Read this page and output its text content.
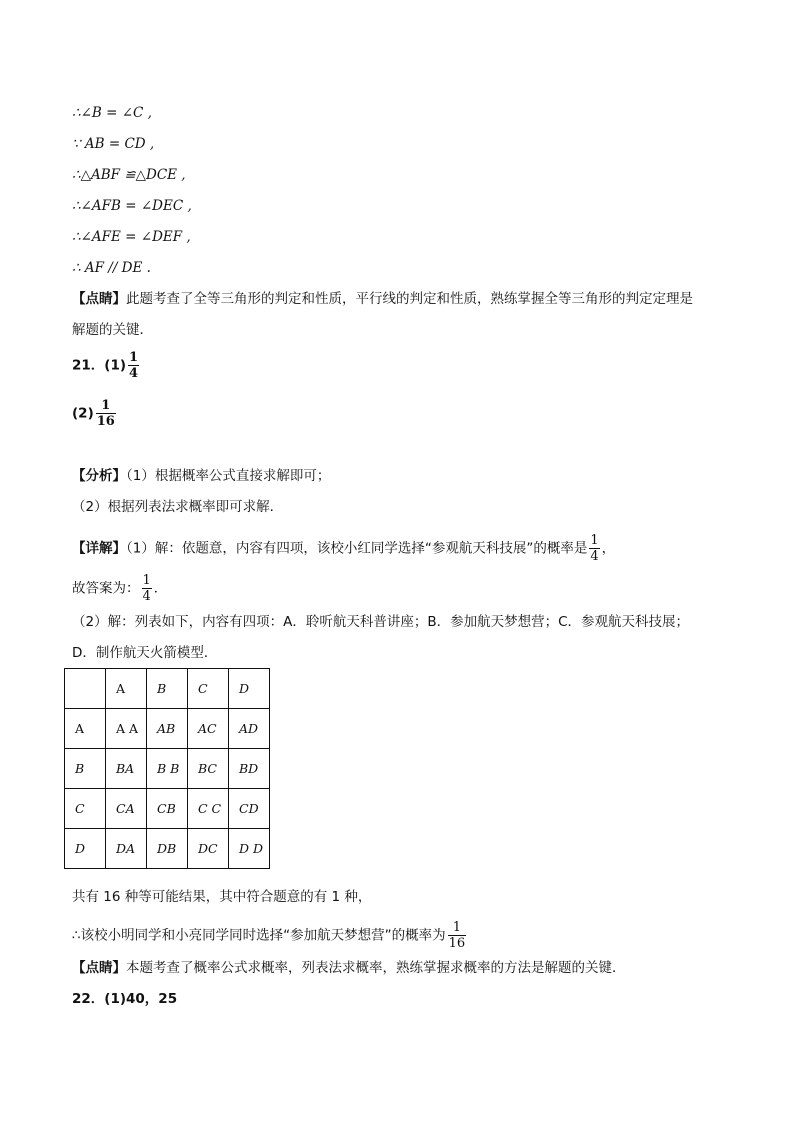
∴∠B = ∠C ,
∵ AB = CD ,
∴△ABF ≌△DCE ,
∴∠AFB = ∠DEC ,
∴∠AFE = ∠DEF ,
∴ AF // DE .
【点睛】此题考查了全等三角形的判定和性质，平行线的判定和性质，熟练掌握全等三角形的判定定理是
解题的关键．
21．$(1) \frac{1}{4}$
$(2) \frac{1}{16}$
【分析】（1）根据概率公式直接求解即可；
（2）根据列表法求概率即可求解．
【详解】（1）解：依题意，内容有四项，该校小红同学选择“参观航天科技展”的概率是 $\frac{1}{4}$ ，
故答案为： $\frac{1}{4}$ ．
（2）解：列表如下，内容有四项：A．聆听航天科普讲座；B．参加航天梦想营；C．参观航天科技展；
D．制作航天火箭模型．
	A	B	C	D
A	A A	AB	AC	AD
B	BA	B B	BC	BD
C	CA	CB	C C	CD
D	DA	DB	DC	D D
共有 16 种等可能结果，其中符合题意的有 1 种，
∴该校小明同学和小亮同学同时选择“参加航天梦想营”的概率为 $\frac{1}{16}$
【点睛】本题考查了概率公式求概率，列表法求概率，熟练掌握求概率的方法是解题的关键．
22．(1)40，25
